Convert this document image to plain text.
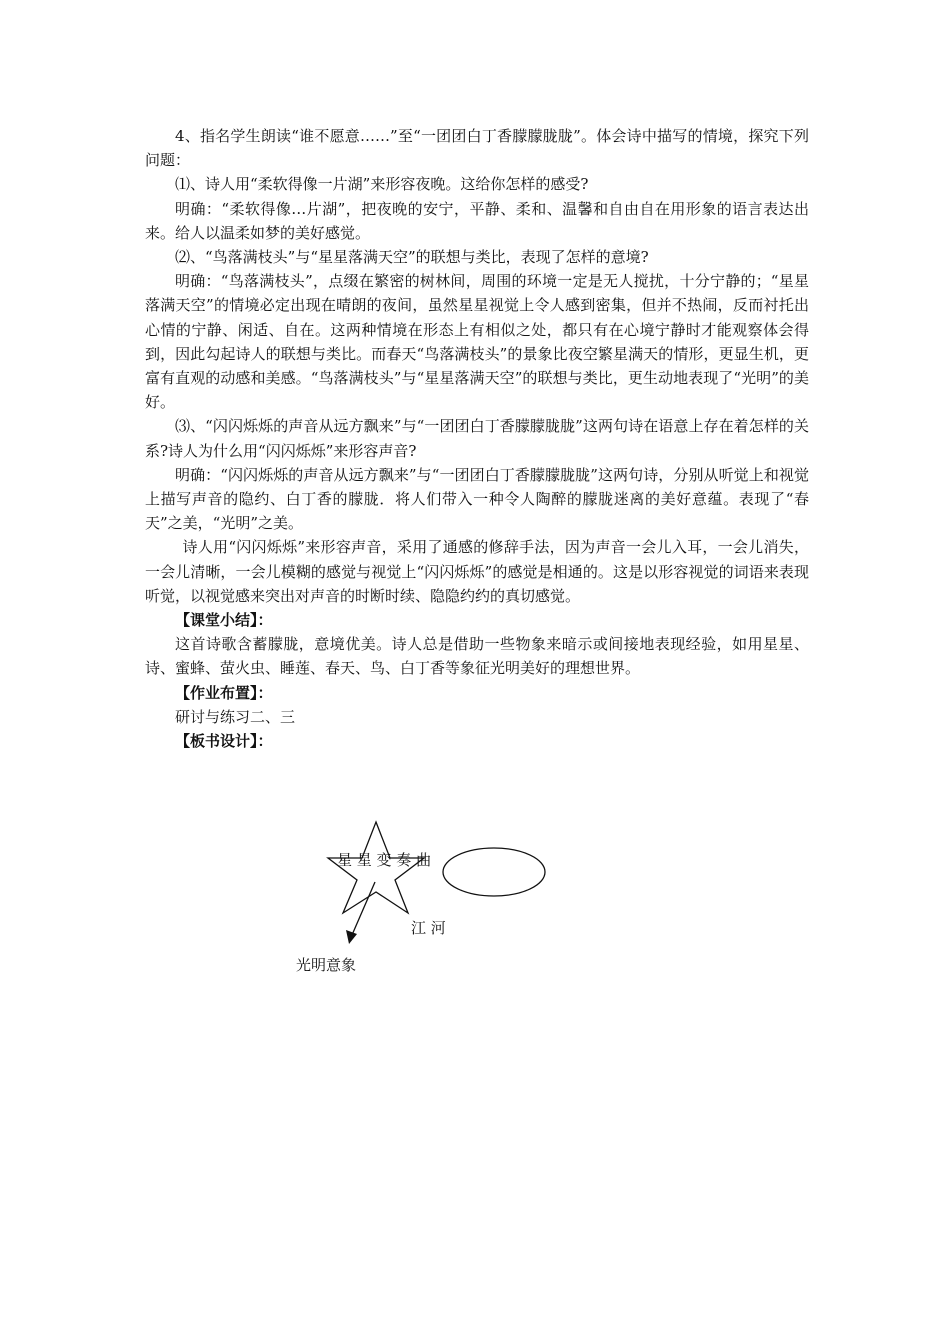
4、指名学生朗读“谁不愿意……”至“一团团白丁香朦朦胧胧”。体会诗中描写的情境，探究下列问题：

⑴、诗人用“柔软得像一片湖”来形容夜晚。这给你怎样的感受?

明确：“柔软得像…片湖”，把夜晚的安宁，平静、柔和、温馨和自由自在用形象的语言表达出来。给人以温柔如梦的美好感觉。

⑵、“鸟落满枝头”与“星星落满天空”的联想与类比，表现了怎样的意境?

明确：“鸟落满枝头”，点缀在繁密的树林间，周围的环境一定是无人搅扰，十分宁静的；“星星落满天空”的情境必定出现在晴朗的夜间，虽然星星视觉上令人感到密集，但并不热闹，反而衬托出心情的宁静、闲适、自在。这两种情境在形态上有相似之处，都只有在心境宁静时才能观察体会得到，因此勾起诗人的联想与类比。而春天“鸟落满枝头”的景象比夜空繁星满天的情形，更显生机，更富有直观的动感和美感。“鸟落满枝头”与“星星落满天空”的联想与类比，更生动地表现了“光明”的美好。

⑶、“闪闪烁烁的声音从远方飘来”与“一团团白丁香朦朦胧胧”这两句诗在语意上存在着怎样的关系?诗人为什么用“闪闪烁烁”来形容声音?

明确：“闪闪烁烁的声音从远方飘来”与“一团团白丁香朦朦胧胧”这两句诗，分别从听觉上和视觉上描写声音的隐约、白丁香的朦胧．将人们带入一种令人陶醉的朦胧迷离的美好意蕴。表现了“春天”之美，“光明”之美。

诗人用“闪闪烁烁”来形容声音，采用了通感的修辞手法，因为声音一会儿入耳，一会儿消失，一会儿清晰，一会儿模糊的感觉与视觉上“闪闪烁烁”的感觉是相通的。这是以形容视觉的词语来表现听觉，以视觉感来突出对声音的时断时续、隐隐约约的真切感觉。

【课堂小结】：

这首诗歌含蓄朦胧，意境优美。诗人总是借助一些物象来暗示或间接地表现经验，如用星星、诗、蜜蜂、萤火虫、睡莲、春天、鸟、白丁香等象征光明美好的理想世界。

【作业布置】：

研讨与练习二、三

【板书设计】：

星 星 变 奏 曲
江 河
光明意象
